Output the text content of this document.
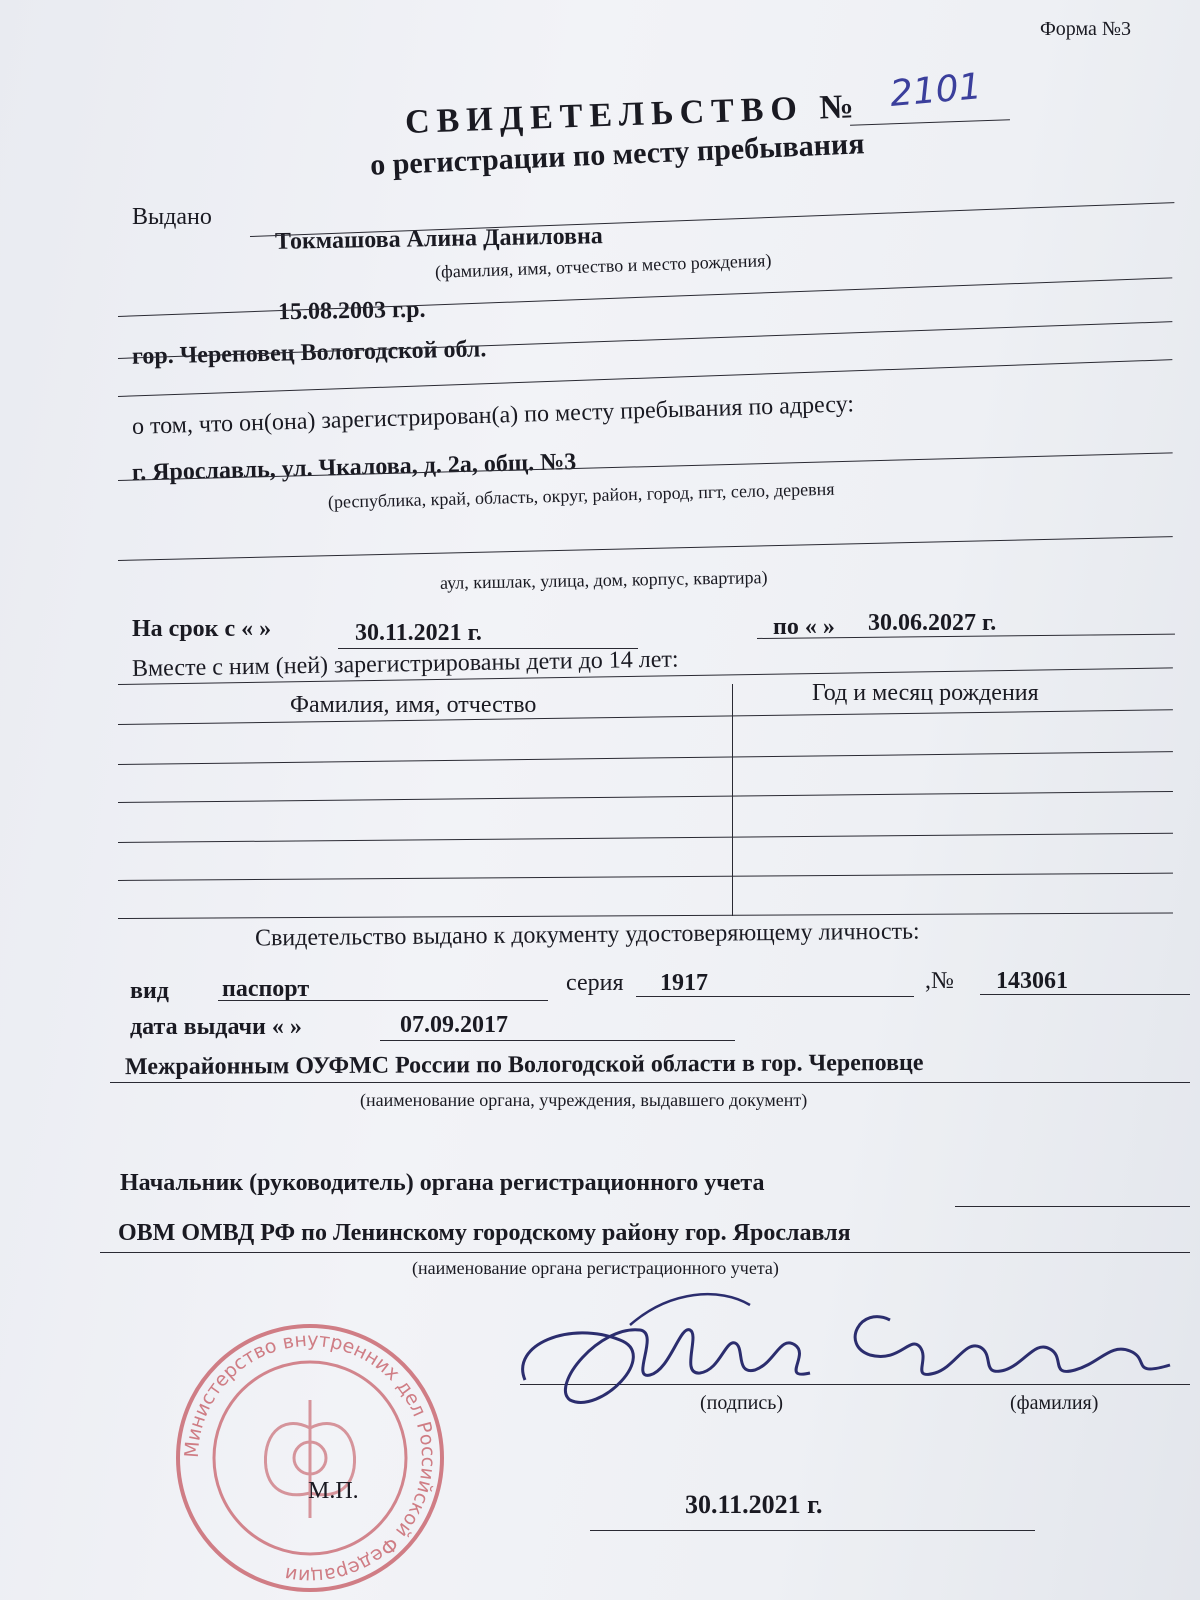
Форма №3
СВИДЕТЕЛЬСТВО № 2101
о регистрации по месту пребывания
Выдано
Токмашова Алина Даниловна
(фамилия, имя, отчество и место рождения)
15.08.2003 г.р.
гор. Череповец Вологодской обл.
о том, что он(она) зарегистрирован(а) по месту пребывания по адресу:
г. Ярославль, ул. Чкалова, д. 2а, общ. №3
(республика, край, область, округ, район, город, пгт, село, деревня
аул, кишлак, улица, дом, корпус, квартира)
На срок с « »	30.11.2021 г.	по « » 30.06.2027 г.
Вместе с ним (ней) зарегистрированы дети до 14 лет:
Фамилия, имя, отчество	Год и месяц рождения
Свидетельство выдано к документу удостоверяющему личность:
вид паспорт	серия 1917	,№ 143061
дата выдачи « »	07.09.2017
Межрайонным ОУФМС России по Вологодской области в гор. Череповце
(наименование органа, учреждения, выдавшего документ)
Начальник (руководитель) органа регистрационного учета
ОВМ ОМВД РФ по Ленинскому городскому району гор. Ярославля
(наименование органа регистрационного учета)
(подпись)	(фамилия)
Министерство внутренних дел Российской Федерации
М.П.	30.11.2021 г.
